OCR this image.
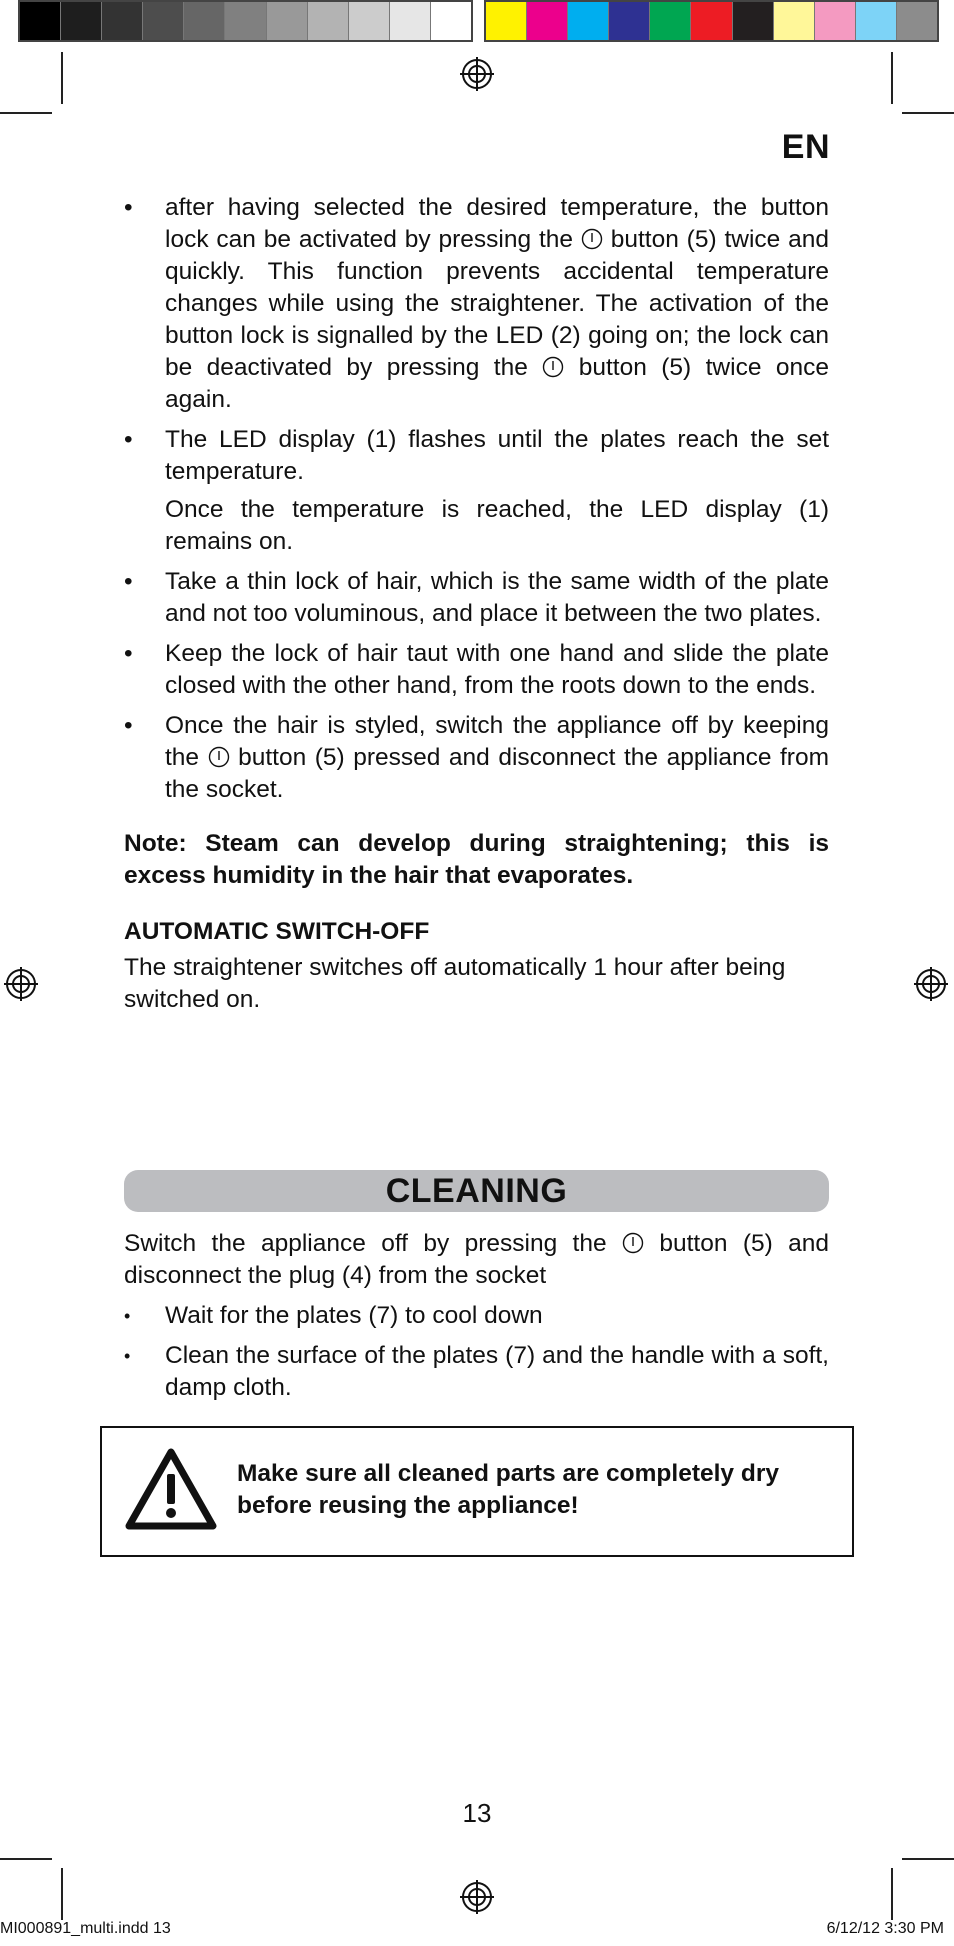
EN
•	after having selected the desired temperature, the button lock can be activated by pressing the  button (5) twice and quickly. This function prevents accidental temperature changes while using the straightener. The activation of the button lock is signalled by the LED (2) going on; the lock can be deactivated by pressing the  button (5) twice once again.
•	The LED display (1) flashes until the plates reach the set temperature.
Once the temperature is reached, the LED display (1) remains on.
•	Take a thin lock of hair, which is the same width of the plate and not too voluminous, and place it between the two plates.
•	Keep the lock of hair taut with one hand and slide the plate closed with the other hand, from the roots down to the ends.
•	Once the hair is styled, switch the appliance off by keeping the  button (5) pressed and disconnect the appliance from the socket.
Note: Steam can develop during straightening; this is excess humidity in the hair that evaporates.
AUTOMATIC SWITCH-OFF
The straightener switches off automatically 1 hour after being switched on.
CLEANING
Switch the appliance off by pressing the  button (5) and disconnect the plug (4) from the socket
•	Wait for the plates (7) to cool down
•	Clean the surface of the plates (7) and the handle with a soft, damp cloth.
Make sure all cleaned parts are completely dry before reusing the appliance!
13
MI000891_multi.indd 13	6/12/12 3:30 PM
